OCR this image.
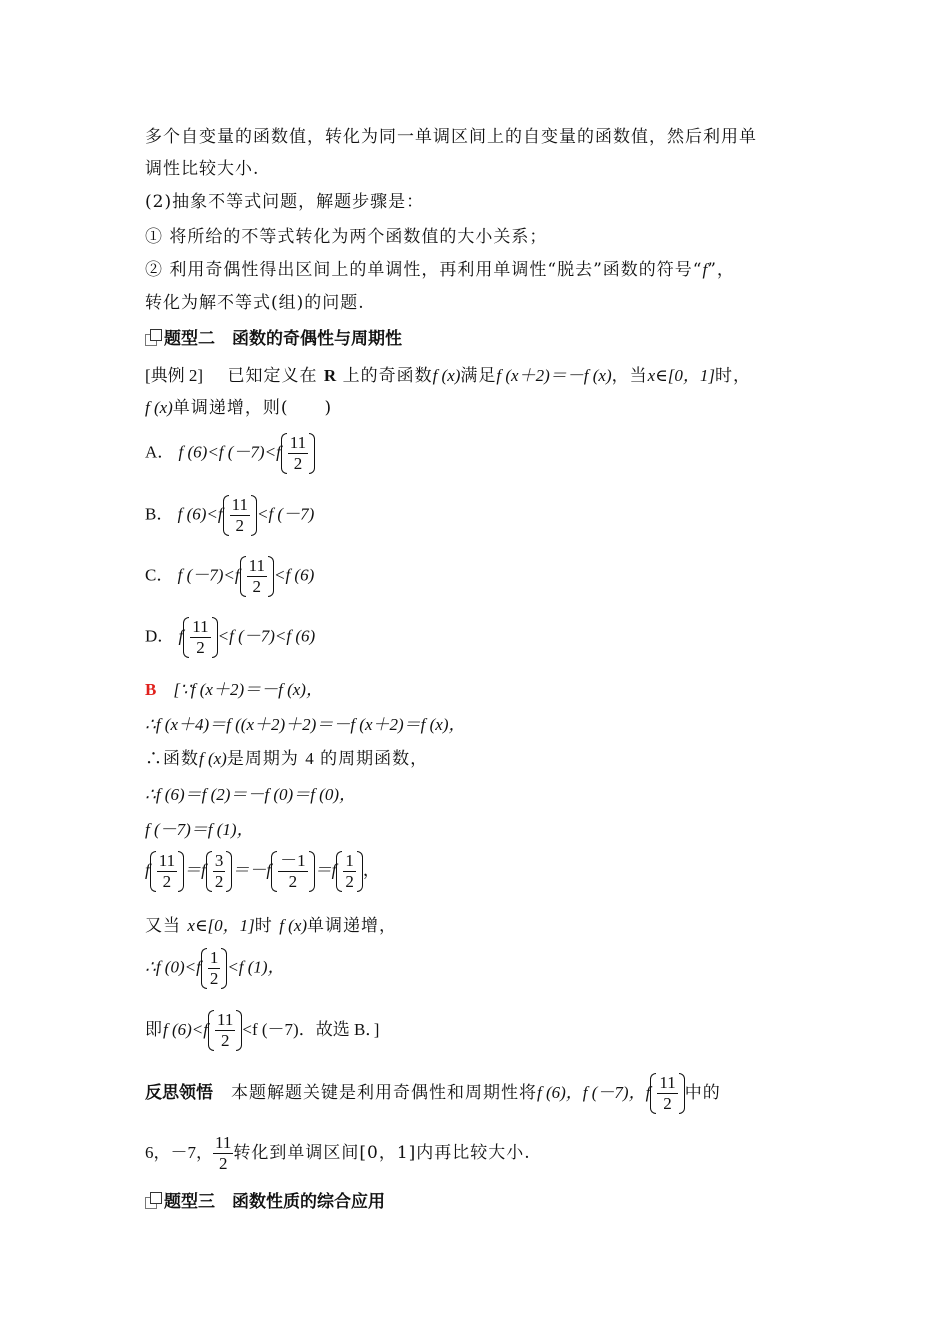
多个自变量的函数值，转化为同一单调区间上的自变量的函数值，然后利用单
调性比较大小.
(2)抽象不等式问题，解题步骤是：
① 将所给的不等式转化为两个函数值的大小关系；
② 利用奇偶性得出区间上的单调性，再利用单调性“脱去”函数的符号“f”，
转化为解不等式(组)的问题.
题型二　函数的奇偶性与周期性
[典例 2]　 已知定义在 R 上的奇函数f (x)满足f (x＋2)＝－f (x)，当x∈[0，1]时，
f (x)单调递增，则(　　)
A． f (6)<f $(-7)<f \frac{11}{2}$
B． f $(6)<f \frac{11}{2} <f$ (－7)
C． f $(-7)<f \frac{11}{2} <f$ (6)
D． f $\frac{11}{2} <f$ (－7)<f (6)
B　 [∵f (x＋2)＝－f (x)，
∴f (x＋4)＝f ((x＋2)＋2)＝－f (x＋2)＝f (x)，
∴函数f (x)是周期为 4 的周期函数，
∴f (6)＝f (2)＝－f (0)＝f (0)，
f (－7)＝f (1)，
f $\frac{11}{2} =f \frac{3}{2} =-f \frac{-1}{2} =f \frac{1}{2}$ ，
又当 x∈[0，1]时 f (x)单调递增，
∴f $(0)<f \frac{1}{2} <f$ (1)，
即f $(6)<f \frac{11}{2} <f$ (－7)．故选 B．]
反思领悟　 本题解题关键是利用奇偶性和周期性将f (6)，f (－7)，f $\frac{11}{2}$ 中的
6，－7， $\frac{11}{2}$ 转化到单调区间[0，1]内再比较大小.
题型三　函数性质的综合应用
